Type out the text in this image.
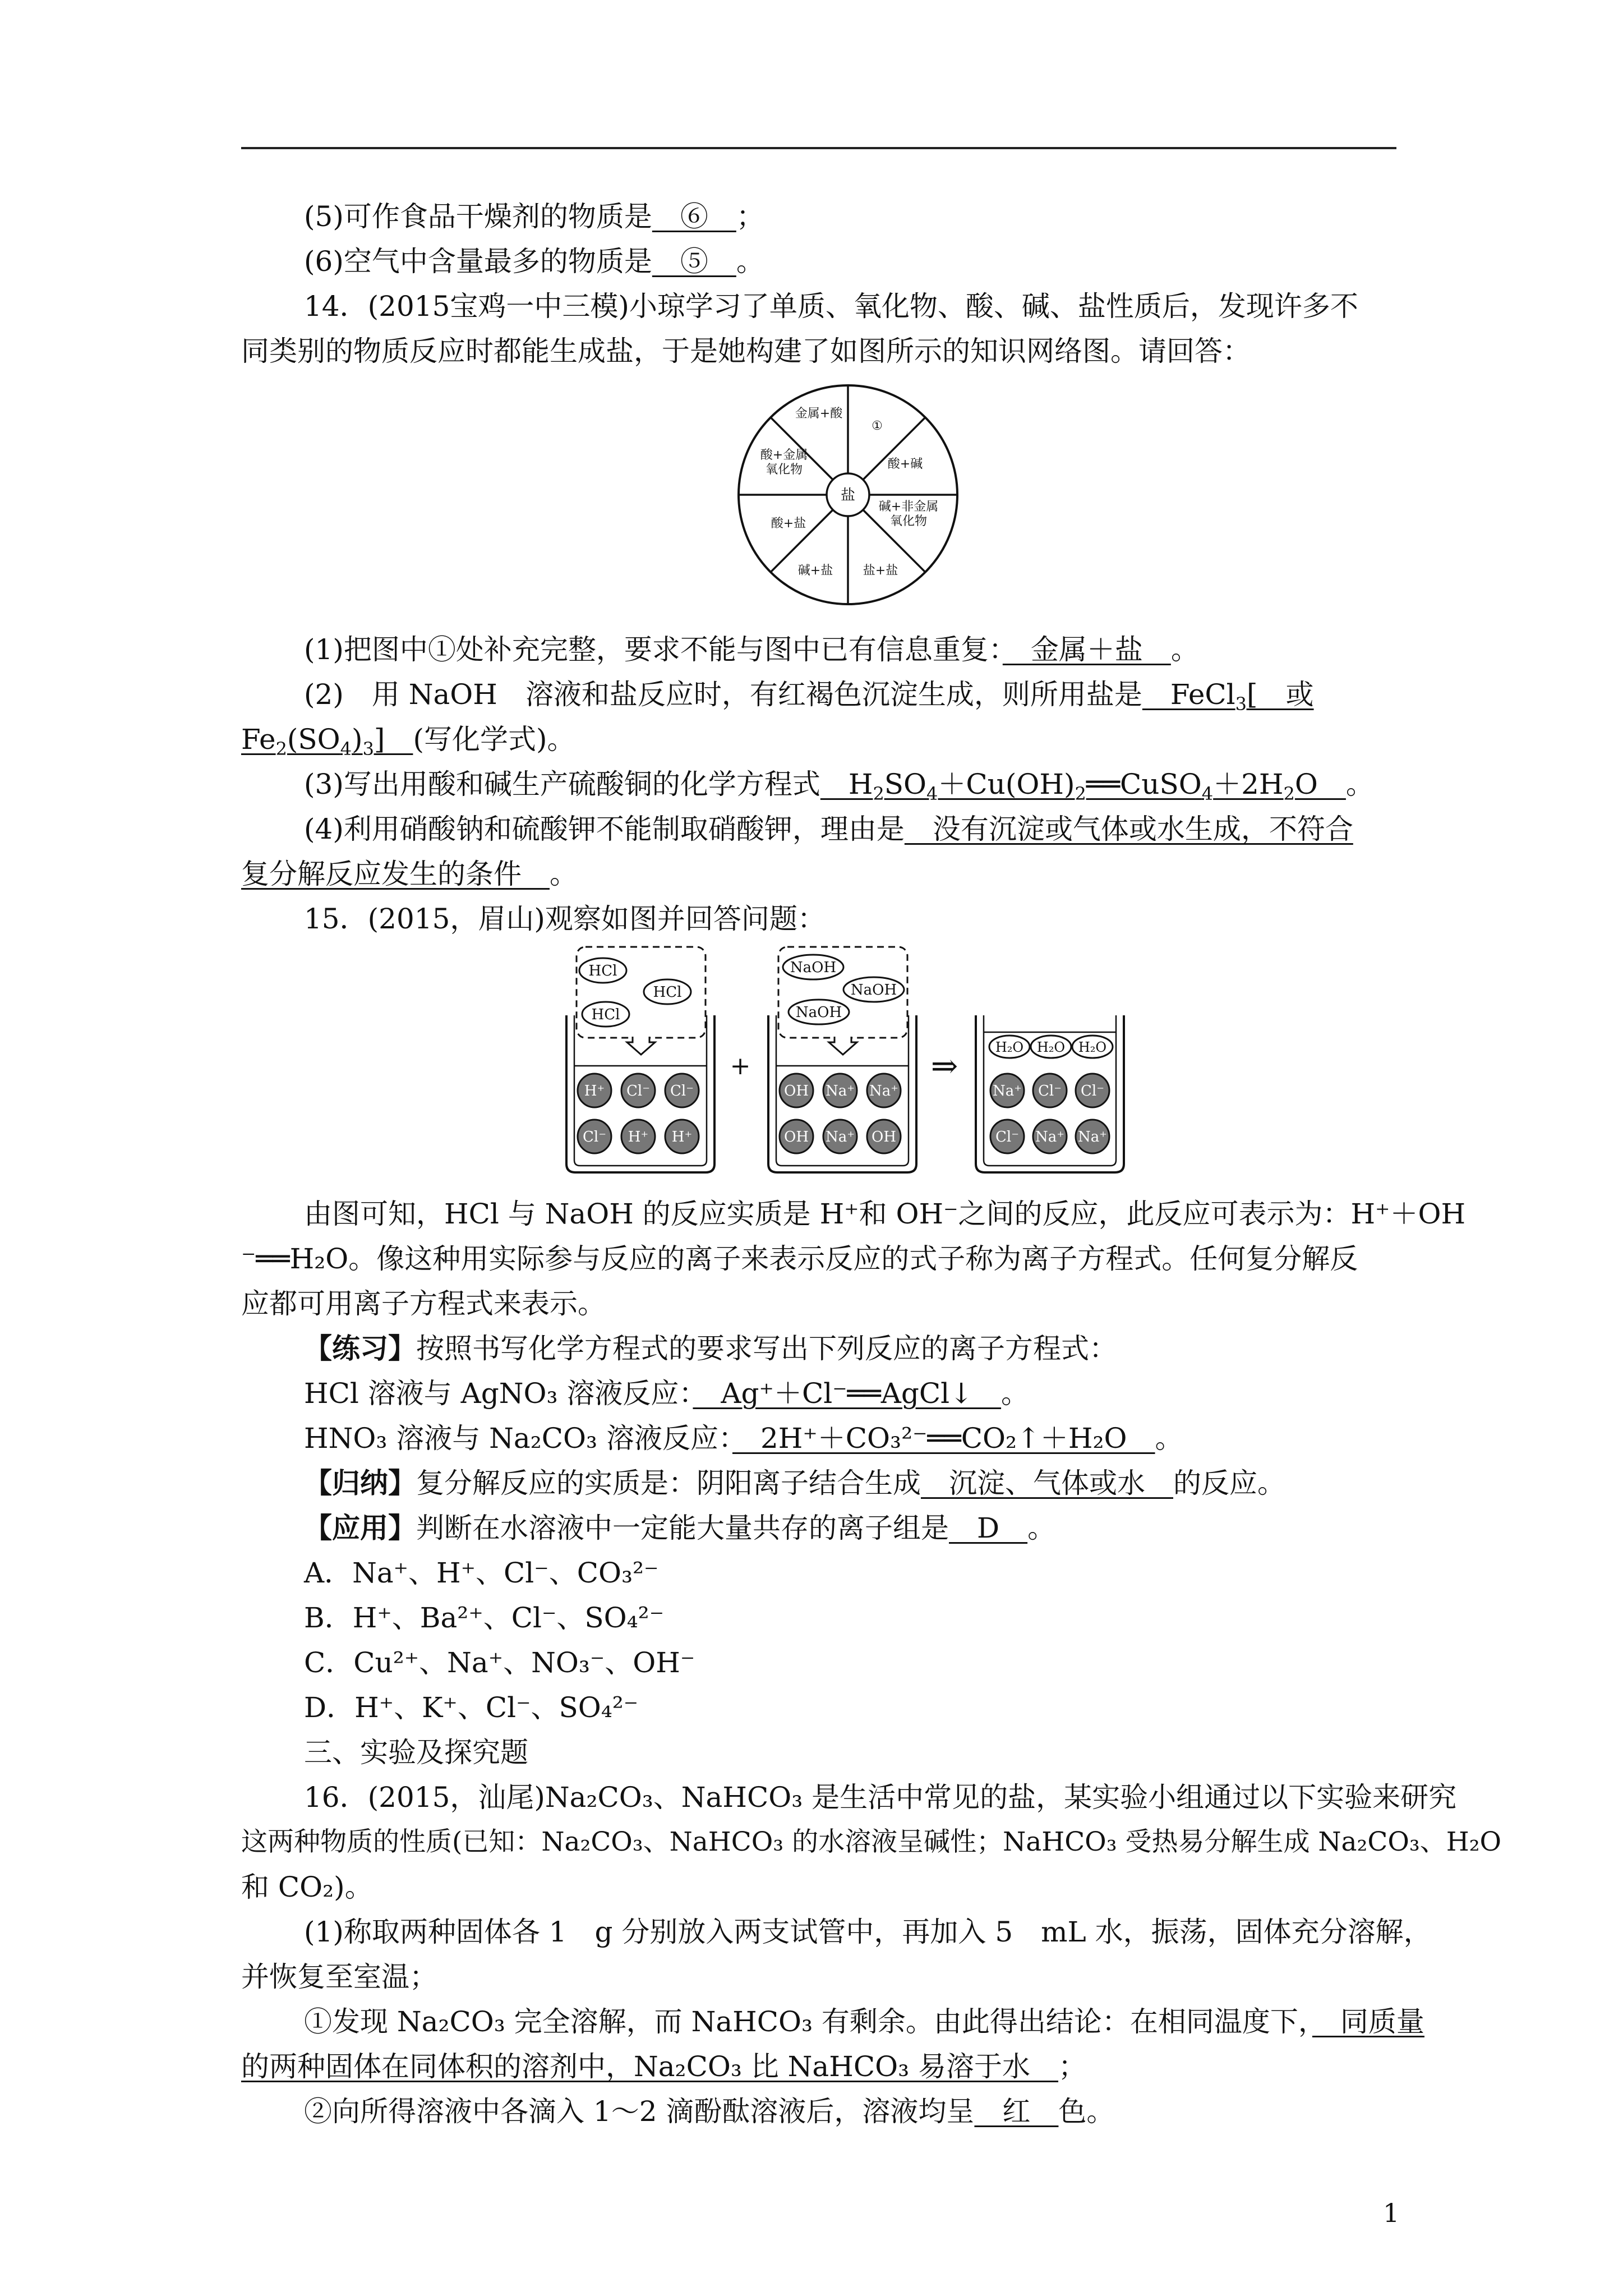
(5)可作食品干燥剂的物质是　⑥　；
(6)空气中含量最多的物质是　⑤　。
14．(2015宝鸡一中三模)小琼学习了单质、氧化物、酸、碱、盐性质后，发现许多不
同类别的物质反应时都能生成盐，于是她构建了如图所示的知识网络图。请回答：
盐
金属+酸
①
酸+碱
碱+非金属
氧化物
盐+盐
碱+盐
酸+盐
酸+金属
氧化物
(1)把图中①处补充完整，要求不能与图中已有信息重复：　金属＋盐　。
(2)　用 NaOH　溶液和盐反应时，有红褐色沉淀生成，则所用盐是　FeCl$_3$[　或
$Fe_2(SO_4)_3$]　(写化学式)。
(3)写出用酸和碱生产硫酸铜的化学方程式　$H_2SO_4+Cu(OH)_2══CuSO_4+2H_2O$　。
(4)利用硝酸钠和硫酸钾不能制取硝酸钾，理由是　没有沉淀或气体或水生成，不符合
复分解反应发生的条件　。
15．(2015，眉山)观察如图并回答问题：
HCl
HCl
HCl
H⁺ Cl⁻ Cl⁻
Cl⁻ H⁺ H⁺
+
NaOH
NaOH
NaOH
OH Na⁺ Na⁺
OH Na⁺ OH
⇒	H₂O H₂O H₂O
Na⁺ Cl⁻ Cl⁻
Cl⁻ Na⁺ Na⁺
由图可知，HCl 与 NaOH 的反应实质是 H⁺和 OH⁻之间的反应，此反应可表示为：H⁺＋OH
⁻══H₂O。像这种用实际参与反应的离子来表示反应的式子称为离子方程式。任何复分解反
应都可用离子方程式来表示。
【练习】按照书写化学方程式的要求写出下列反应的离子方程式：
HCl 溶液与 AgNO₃ 溶液反应：　Ag⁺＋Cl⁻══AgCl↓　。
HNO₃ 溶液与 Na₂CO₃ 溶液反应：　2H⁺＋CO₃²⁻══CO₂↑＋H₂O　。
【归纳】复分解反应的实质是：阴阳离子结合生成　沉淀、气体或水　的反应。
【应用】判断在水溶液中一定能大量共存的离子组是　D　。
A．Na⁺、H⁺、Cl⁻、CO₃²⁻
B．H⁺、Ba²⁺、Cl⁻、SO₄²⁻
C．Cu²⁺、Na⁺、NO₃⁻、OH⁻
D．H⁺、K⁺、Cl⁻、SO₄²⁻
三、实验及探究题
16．(2015，汕尾)Na₂CO₃、NaHCO₃ 是生活中常见的盐，某实验小组通过以下实验来研究
这两种物质的性质(已知：Na₂CO₃、NaHCO₃ 的水溶液呈碱性；NaHCO₃ 受热易分解生成 Na₂CO₃、H₂O
和 CO₂)。
(1)称取两种固体各 1　g 分别放入两支试管中，再加入 5　mL 水，振荡，固体充分溶解，
并恢复至室温；
①发现 Na₂CO₃ 完全溶解，而 NaHCO₃ 有剩余。由此得出结论：在相同温度下，　同质量
的两种固体在同体积的溶剂中，Na₂CO₃ 比 NaHCO₃ 易溶于水　；
②向所得溶液中各滴入 1～2 滴酚酞溶液后，溶液均呈　红　色。
1
